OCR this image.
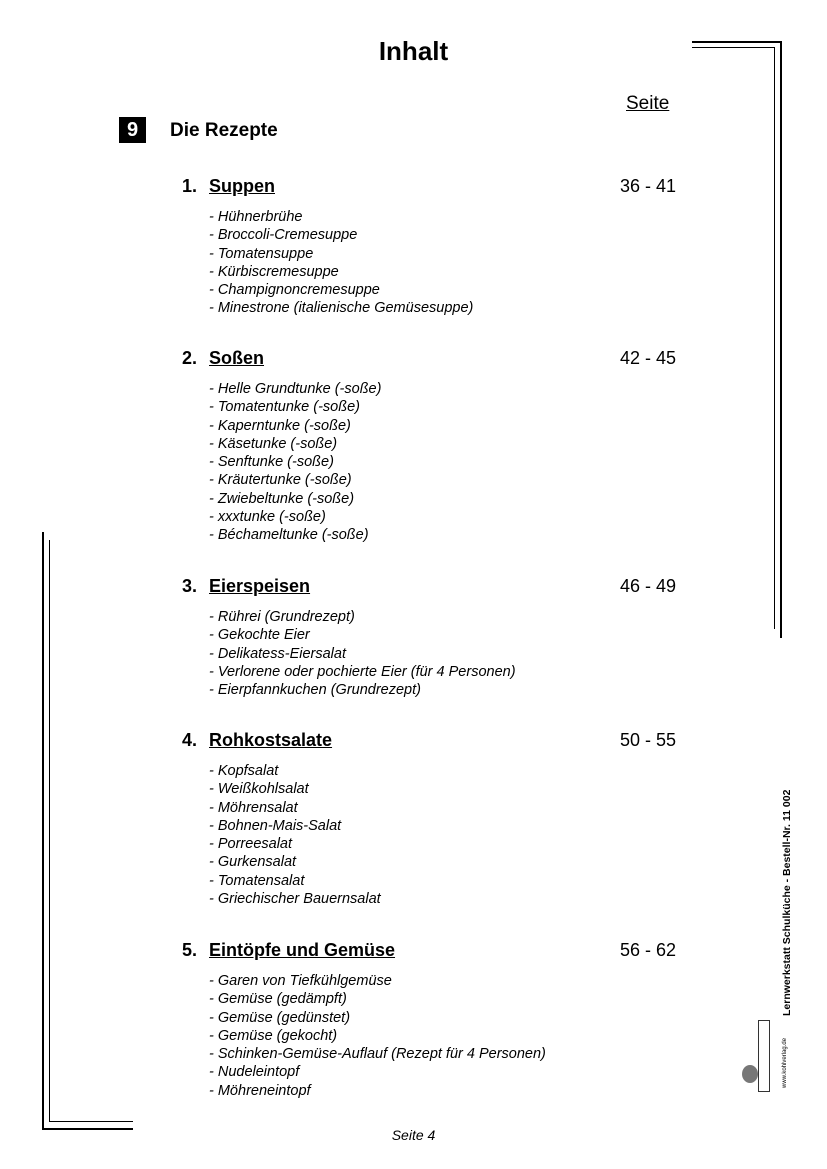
Inhalt
Seite
9	Die Rezepte
1. Suppen	36 - 41
- Hühnerbrühe
- Broccoli-Cremesuppe
- Tomatensuppe
- Kürbiscremesuppe
- Champignoncremesuppe
- Minestrone (italienische Gemüsesuppe)
2. Soßen	42 - 45
- Helle Grundtunke (-soße)
- Tomatentunke (-soße)
- Kaperntunke (-soße)
- Käsetunke (-soße)
- Senftunke (-soße)
- Kräutertunke (-soße)
- Zwiebeltunke (-soße)
- xxxtunke (-soße)
- Béchameltunke (-soße)
3. Eierspeisen	46 - 49
- Rührei (Grundrezept)
- Gekochte Eier
- Delikatess-Eiersalat
- Verlorene oder pochierte Eier (für 4 Personen)
- Eierpfannkuchen (Grundrezept)
4. Rohkostsalate	50 - 55
- Kopfsalat
- Weißkohlsalat
- Möhrensalat
- Bohnen-Mais-Salat
- Porreesalat
- Gurkensalat
- Tomatensalat
- Griechischer Bauernsalat
5. Eintöpfe und Gemüse	56 - 62
- Garen von Tiefkühlgemüse
- Gemüse (gedämpft)
- Gemüse (gedünstet)
- Gemüse (gekocht)
- Schinken-Gemüse-Auflauf (Rezept für 4 Personen)
- Nudeleintopf
- Möhreneintopf
Lernwerkstatt Schulküche - Bestell-Nr. 11 002
www.kohlverlag.de
Seite 4
